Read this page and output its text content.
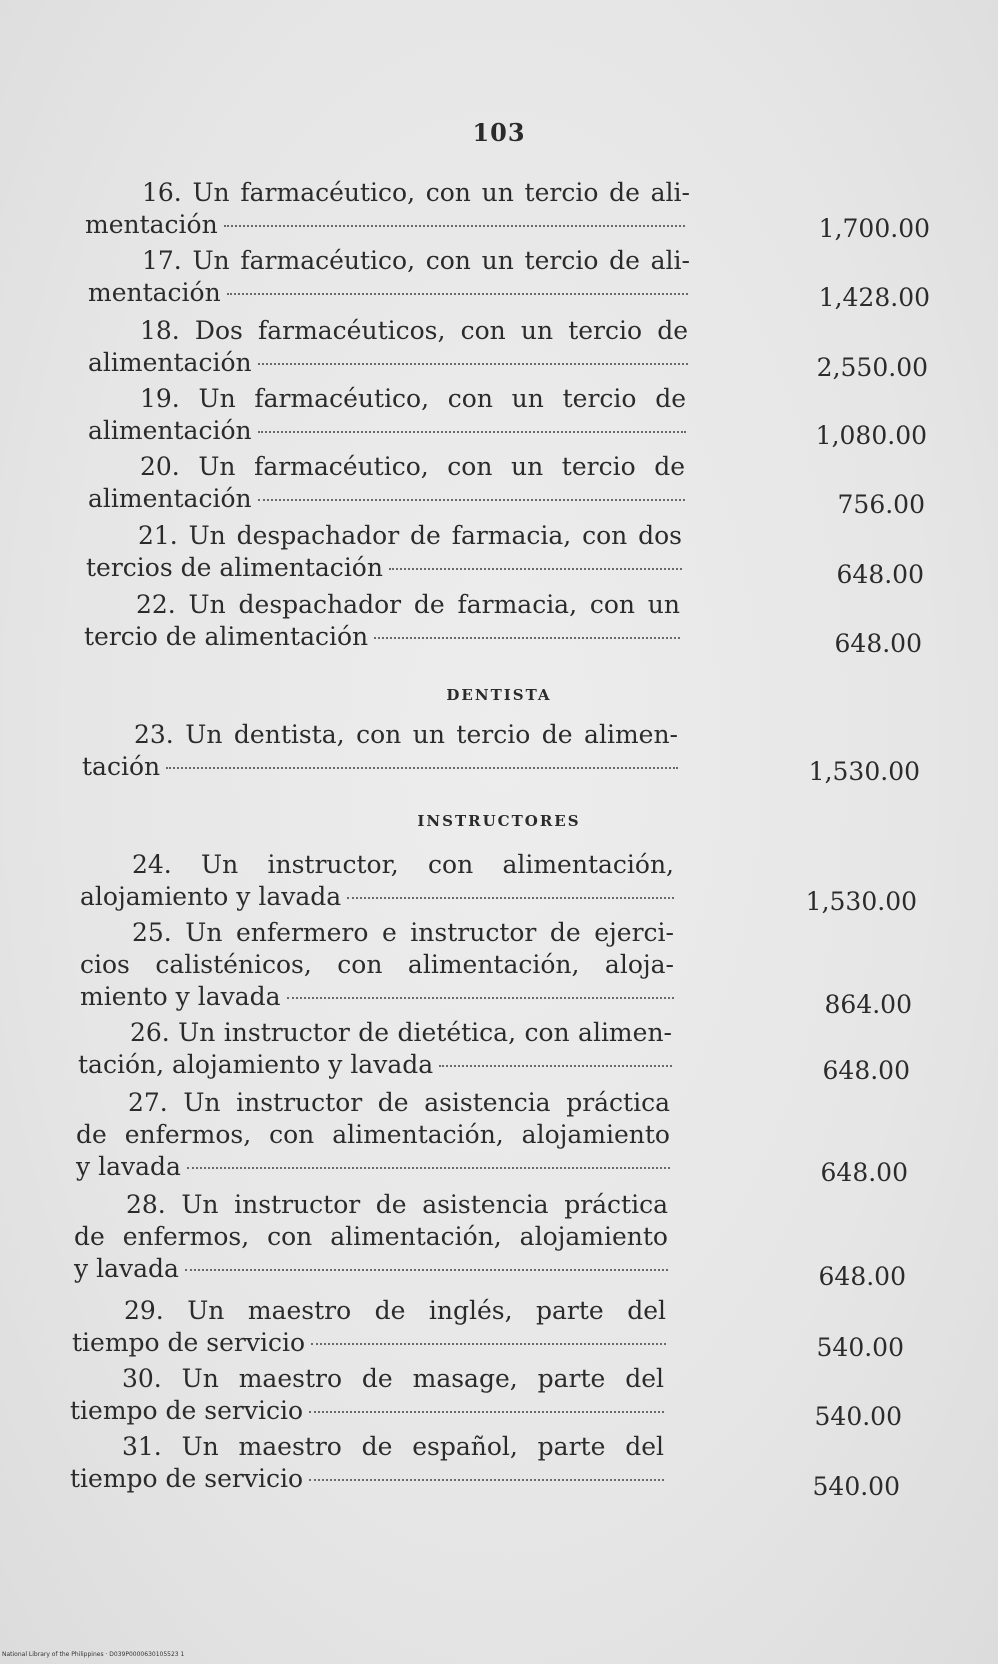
103
16. Un farmacéutico, con un tercio de ali-
mentación	1,700.00
17. Un farmacéutico, con un tercio de ali-
mentación	1,428.00
18. Dos farmacéuticos, con un tercio de
alimentación	2,550.00
19. Un farmacéutico, con un tercio de
alimentación	1,080.00
20. Un farmacéutico, con un tercio de
alimentación	756.00
21. Un despachador de farmacia, con dos
tercios de alimentación	648.00
22. Un despachador de farmacia, con un
tercio de alimentación	648.00
23. Un dentista, con un tercio de alimen-
tación	1,530.00
24. Un instructor, con alimentación,
alojamiento y lavada	1,530.00
25. Un enfermero e instructor de ejerci-
cios calisténicos, con alimentación, aloja-
miento y lavada	864.00
26. Un instructor de dietética, con alimen-
tación, alojamiento y lavada	648.00
27. Un instructor de asistencia práctica
de enfermos, con alimentación, alojamiento
y lavada	648.00
28. Un instructor de asistencia práctica
de enfermos, con alimentación, alojamiento
y lavada	648.00
29. Un maestro de inglés, parte del
tiempo de servicio	540.00
30. Un maestro de masage, parte del
tiempo de servicio	540.00
31. Un maestro de español, parte del
tiempo de servicio	540.00
DENTISTA
INSTRUCTORES
National Library of the Philippines · D039P0000630105523 1
